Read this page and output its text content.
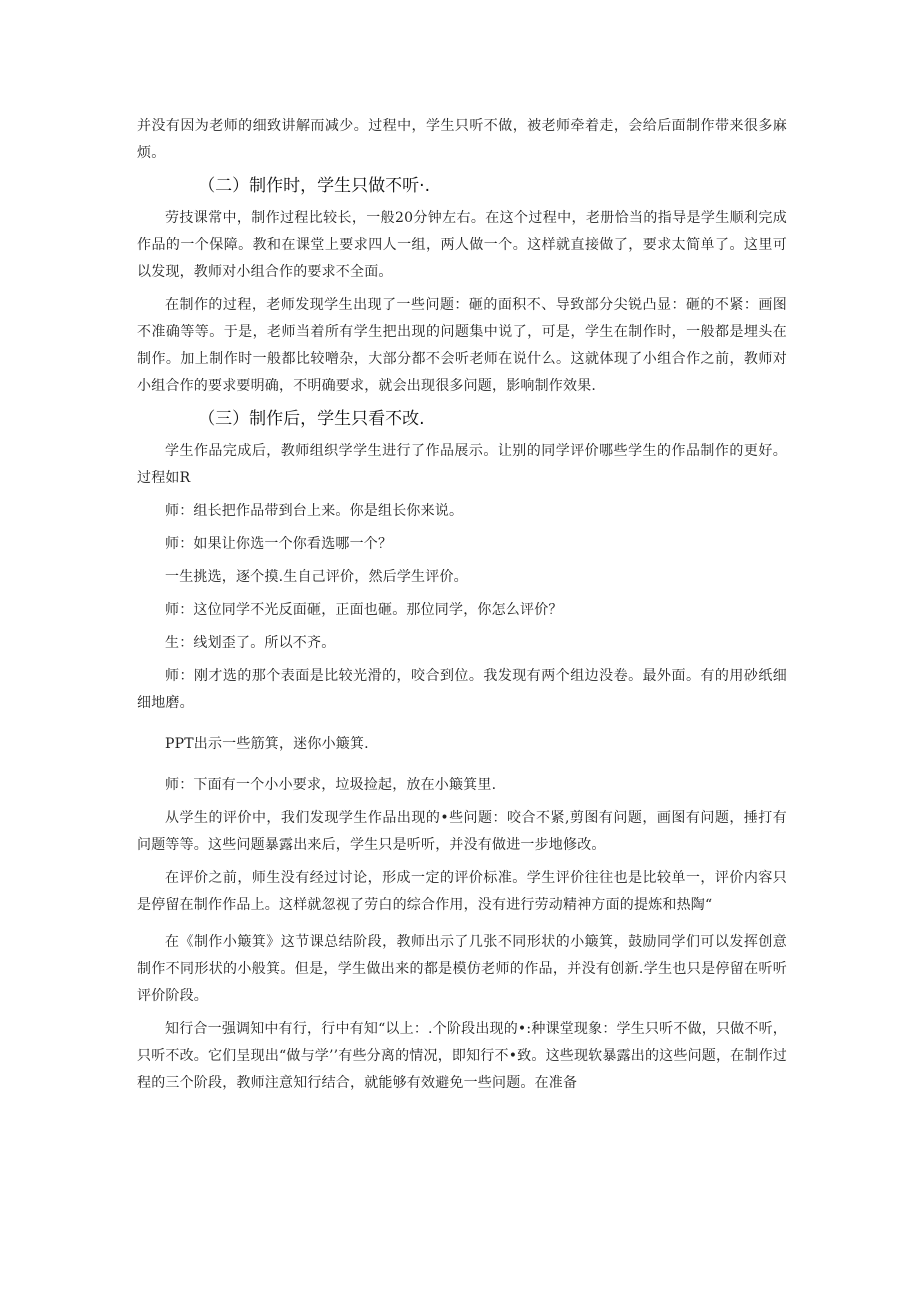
并没有因为老师的细致讲解而减少。过程中，学生只听不做，被老师牵着走，会给后面制作带来很多麻烦。

（二）制作时，学生只做不听·.

劳技课常中，制作过程比较长，一般20分钟左右。在这个过程中，老册恰当的指导是学生顺利完成作品的一个保障。教和在课堂上要求四人一组，两人做一个。这样就直接做了，要求太简单了。这里可以发现，教师对小组合作的要求不全面。

在制作的过程，老师发现学生出现了一些问题：砸的面积不、导致部分尖锐凸显：砸的不紧：画图不准确等等。于是，老师当着所有学生把出现的问题集中说了，可是，学生在制作时，一般都是埋头在制作。加上制作时一般都比较噌杂，大部分都不会听老师在说什么。这就体现了小组合作之前，教师对小组合作的要求要明确，不明确要求，就会出现很多问题，影响制作效果.

（三）制作后，学生只看不改.

学生作品完成后，教师组织学学生进行了作品展示。让别的同学评价哪些学生的作品制作的更好。过程如R

师：组长把作品带到台上来。你是组长你来说。

师：如果让你选一个你看选哪一个？

一生挑选，逐个摸.生自己评价，然后学生评价。

师：这位同学不光反面砸，正面也砸。那位同学，你怎么评价？

生：线划歪了。所以不齐。

师：刚才选的那个表面是比较光滑的，咬合到位。我发现有两个组边没卷。最外面。有的用砂纸细细地磨。

PPT出示一些筋箕，迷你小簸箕.

师：下面有一个小小要求，垃圾捡起，放在小簸箕里.

从学生的评价中，我们发现学生作品出现的•些问题：咬合不紧,剪图有问题，画图有问题，捶打有问题等等。这些问题暴露出来后，学生只是听听，并没有做进一步地修改。

在评价之前，师生没有经过讨论，形成一定的评价标准。学生评价往往也是比较单一，评价内容只是停留在制作作品上。这样就忽视了劳白的综合作用，没有进行劳动精神方面的提炼和热陶“

在《制作小簸箕》这节课总结阶段，教师出示了几张不同形状的小簸箕，鼓励同学们可以发挥创意制作不同形状的小般箕。但是，学生做出来的都是模仿老师的作品，并没有创新.学生也只是停留在听听评价阶段。

知行合一强调知中有行，行中有知“以上：.个阶段出现的•:种课堂现象：学生只听不做，只做不听，只听不改。它们呈现出“做与学’’有些分离的情况，即知行不•致。这些现软暴露出的这些问题，在制作过程的三个阶段，教师注意知行结合，就能够有效避免一些问题。在准备
